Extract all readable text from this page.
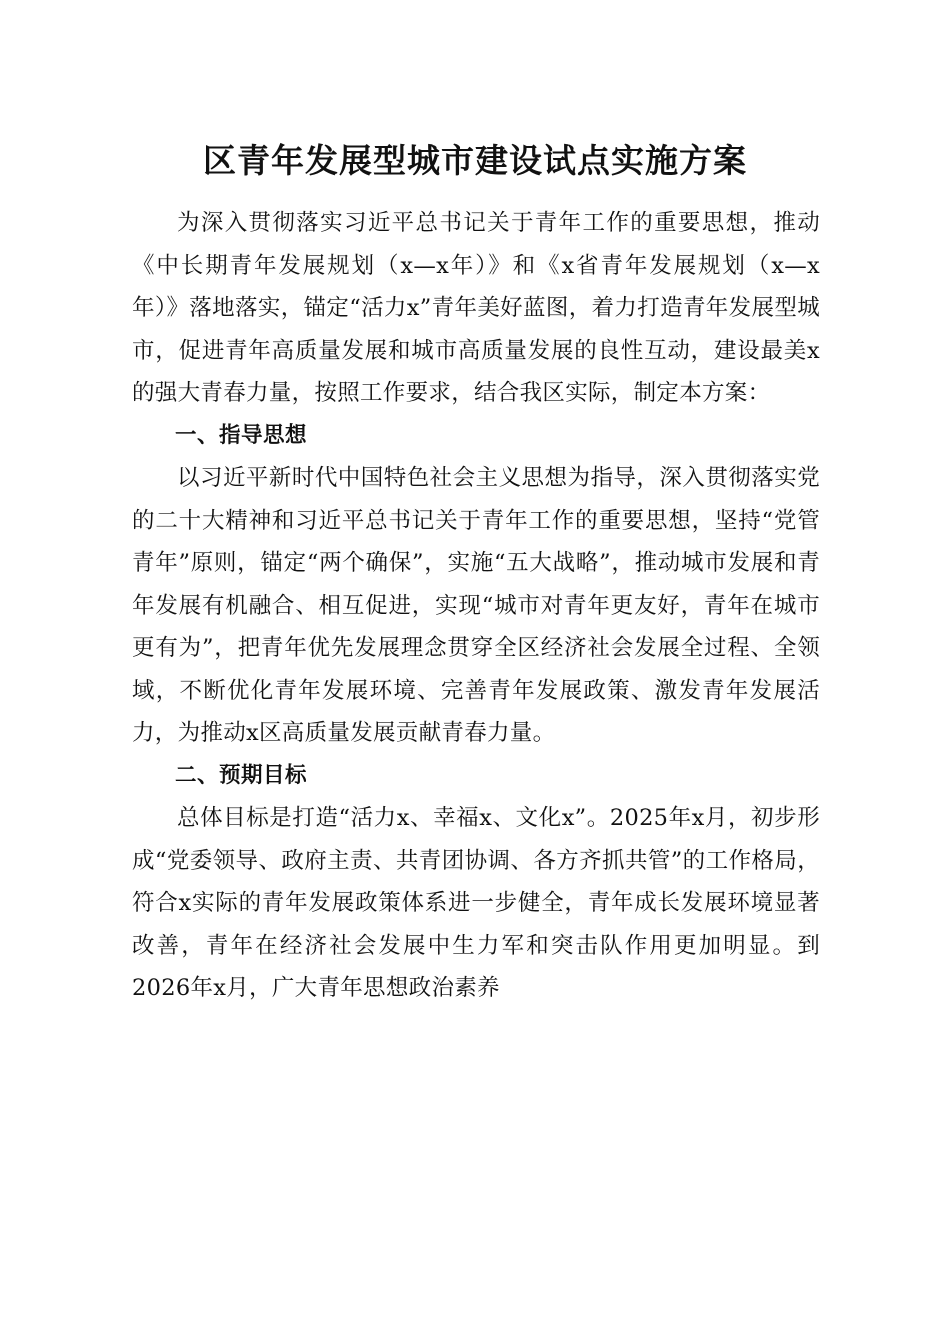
区青年发展型城市建设试点实施方案

为深入贯彻落实习近平总书记关于青年工作的重要思想，推动《中长期青年发展规划（x—x年）》和《x省青年发展规划（x—x年）》落地落实，锚定“活力x”青年美好蓝图，着力打造青年发展型城市，促进青年高质量发展和城市高质量发展的良性互动，建设最美x的强大青春力量，按照工作要求，结合我区实际，制定本方案：

一、指导思想

以习近平新时代中国特色社会主义思想为指导，深入贯彻落实党的二十大精神和习近平总书记关于青年工作的重要思想，坚持“党管青年”原则，锚定“两个确保”，实施“五大战略”，推动城市发展和青年发展有机融合、相互促进，实现“城市对青年更友好，青年在城市更有为”，把青年优先发展理念贯穿全区经济社会发展全过程、全领域，不断优化青年发展环境、完善青年发展政策、激发青年发展活力，为推动x区高质量发展贡献青春力量。

二、预期目标

总体目标是打造“活力x、幸福x、文化x”。2025年x月，初步形成“党委领导、政府主责、共青团协调、各方齐抓共管”的工作格局，符合x实际的青年发展政策体系进一步健全，青年成长发展环境显著改善，青年在经济社会发展中生力军和突击队作用更加明显。到2026年x月，广大青年思想政治素养
